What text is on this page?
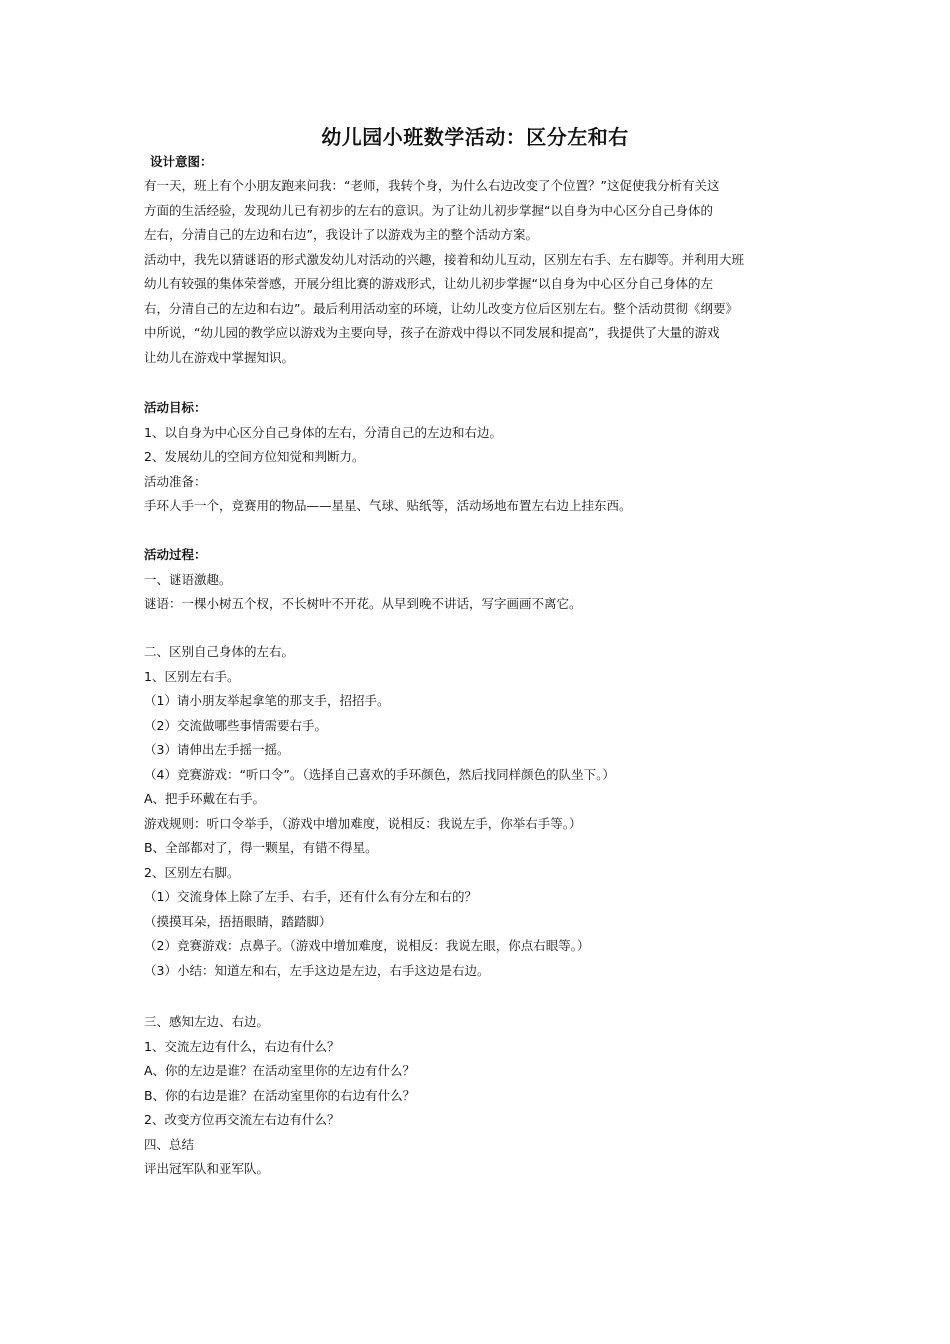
幼儿园小班数学活动：区分左和右

设计意图：

有一天，班上有个小朋友跑来问我：“老师，我转个身，为什么右边改变了个位置？”这促使我分析有关这

方面的生活经验，发现幼儿已有初步的左右的意识。为了让幼儿初步掌握“以自身为中心区分自己身体的

左右，分清自己的左边和右边”，我设计了以游戏为主的整个活动方案。

活动中，我先以猜谜语的形式激发幼儿对活动的兴趣，接着和幼儿互动，区别左右手、左右脚等。并利用大班

幼儿有较强的集体荣誉感，开展分组比赛的游戏形式，让幼儿初步掌握“以自身为中心区分自己身体的左

右，分清自己的左边和右边”。最后利用活动室的环境，让幼儿改变方位后区别左右。整个活动贯彻《纲要》

中所说，“幼儿园的教学应以游戏为主要向导，孩子在游戏中得以不同发展和提高”，我提供了大量的游戏

让幼儿在游戏中掌握知识。

活动目标：

1、以自身为中心区分自己身体的左右，分清自己的左边和右边。

2、发展幼儿的空间方位知觉和判断力。

活动准备：

手环人手一个，竞赛用的物品——星星、气球、贴纸等，活动场地布置左右边上挂东西。

活动过程：

一、谜语激趣。

谜语：一棵小树五个杈，不长树叶不开花。从早到晚不讲话，写字画画不离它。

二、区别自己身体的左右。

1、区别左右手。

（1）请小朋友举起拿笔的那支手，招招手。

（2）交流做哪些事情需要右手。

（3）请伸出左手摇一摇。

（4）竞赛游戏：“听口令”。（选择自己喜欢的手环颜色，然后找同样颜色的队坐下。）

A、把手环戴在右手。

游戏规则：听口令举手，（游戏中增加难度，说相反：我说左手，你举右手等。）

B、全部都对了，得一颗星，有错不得星。

2、区别左右脚。

（1）交流身体上除了左手、右手，还有什么有分左和右的？

（摸摸耳朵，捂捂眼睛，踏踏脚）

（2）竞赛游戏：点鼻子。（游戏中增加难度，说相反：我说左眼，你点右眼等。）

（3）小结：知道左和右，左手这边是左边，右手这边是右边。

三、感知左边、右边。

1、交流左边有什么，右边有什么？

A、你的左边是谁？在活动室里你的左边有什么？

B、你的右边是谁？在活动室里你的右边有什么？

2、改变方位再交流左右边有什么？

四、总结

评出冠军队和亚军队。
